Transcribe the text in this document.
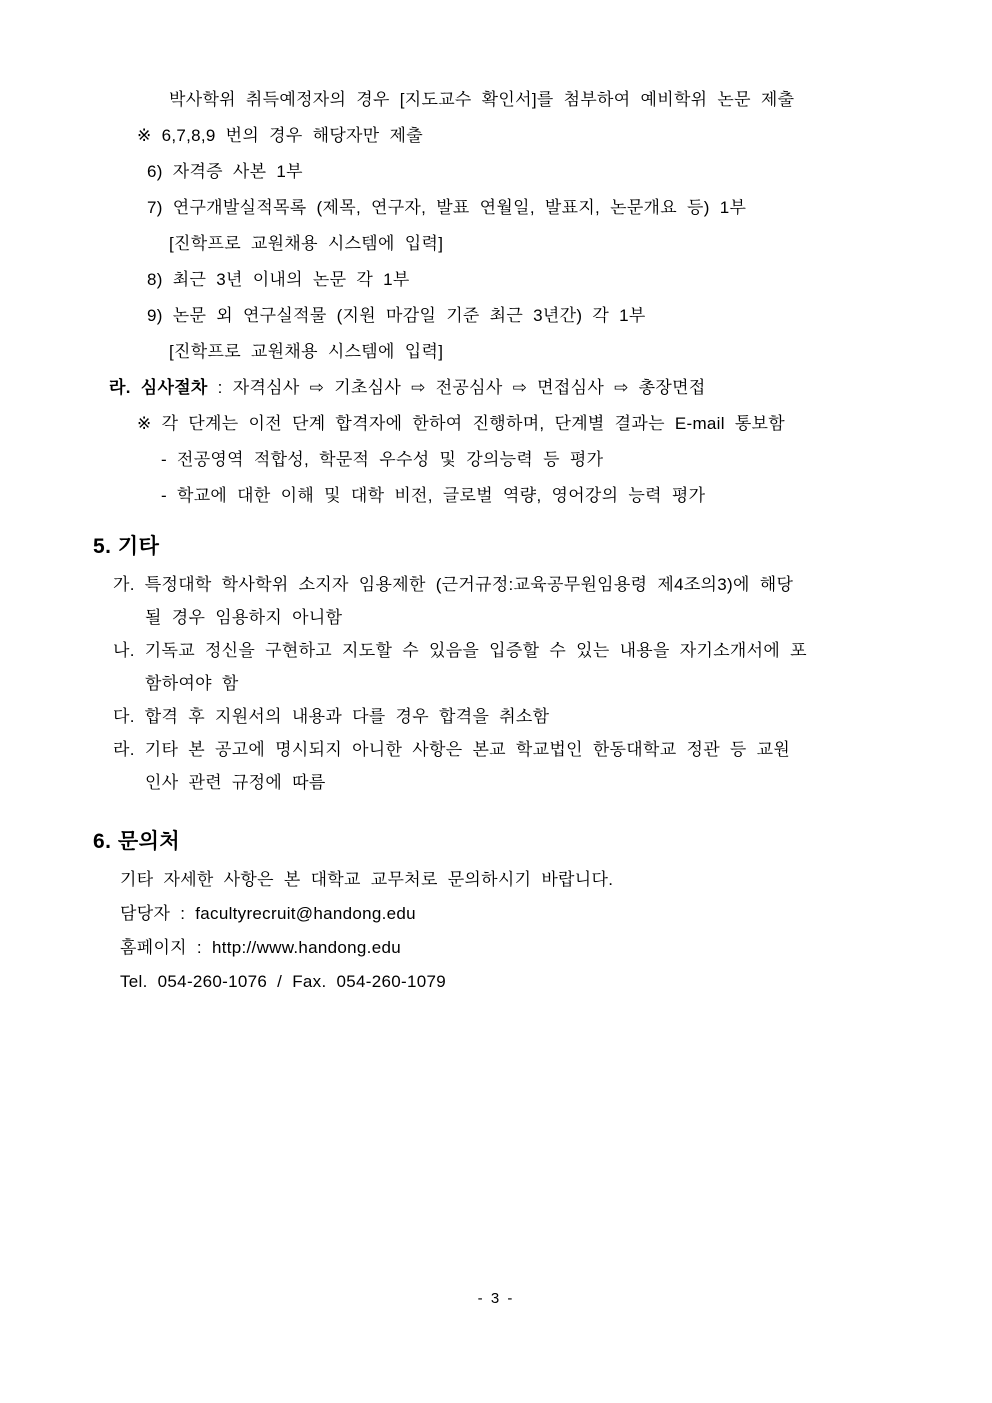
박사학위 취득예정자의 경우 [지도교수 확인서]를 첨부하여 예비학위 논문 제출
※ 6,7,8,9 번의 경우 해당자만 제출
6) 자격증 사본 1부
7) 연구개발실적목록 (제목, 연구자, 발표 연월일, 발표지, 논문개요 등) 1부
[진학프로 교원채용 시스템에 입력]
8) 최근 3년 이내의 논문 각 1부
9) 논문 외 연구실적물 (지원 마감일 기준 최근 3년간) 각 1부
[진학프로 교원채용 시스템에 입력]
라. 심사절차 : 자격심사 ⇨ 기초심사 ⇨ 전공심사 ⇨ 면접심사 ⇨ 총장면접
※ 각 단계는 이전 단계 합격자에 한하여 진행하며, 단계별 결과는 E-mail 통보함
- 전공영역 적합성, 학문적 우수성 및 강의능력 등 평가
- 학교에 대한 이해 및 대학 비전, 글로벌 역량, 영어강의 능력 평가
5. 기타
가. 특정대학 학사학위 소지자 임용제한 (근거규정:교육공무원임용령 제4조의3)에 해당
될 경우 임용하지 아니함
나. 기독교 정신을 구현하고 지도할 수 있음을 입증할 수 있는 내용을 자기소개서에 포
함하여야 함
다. 합격 후 지원서의 내용과 다를 경우 합격을 취소함
라. 기타 본 공고에 명시되지 아니한 사항은 본교 학교법인 한동대학교 정관 등 교원
인사 관련 규정에 따름
6. 문의처
기타 자세한 사항은 본 대학교 교무처로 문의하시기 바랍니다.
담당자 : facultyrecruit@handong.edu
홈페이지 : http://www.handong.edu
Tel. 054-260-1076 / Fax. 054-260-1079
- 3 -
